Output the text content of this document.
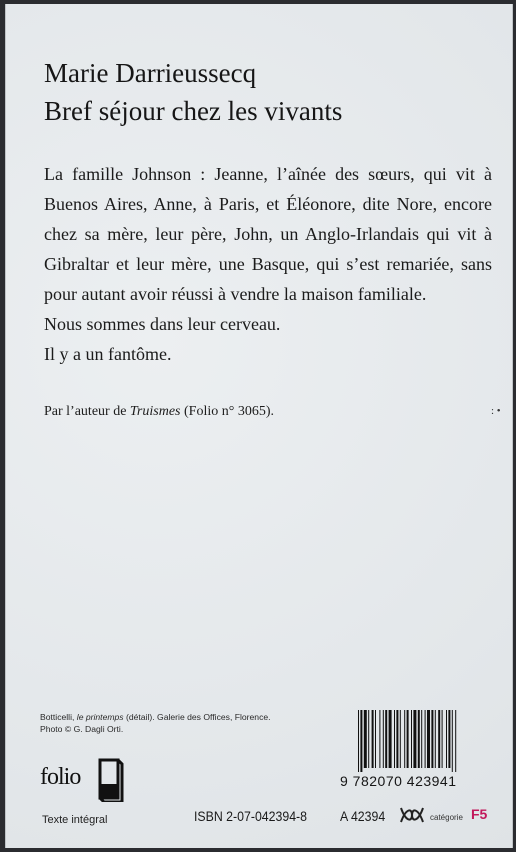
Marie Darrieussecq
Bref séjour chez les vivants

La famille Johnson : Jeanne, l’aînée des sœurs, qui vit à Buenos Aires, Anne, à Paris, et Éléonore, dite Nore, encore chez sa mère, leur père, John, un Anglo-Irlandais qui vit à Gibraltar et leur mère, une Basque, qui s’est remariée, sans pour autant avoir réussi à vendre la maison familiale.

Nous sommes dans leur cerveau.

Il y a un fantôme.

Par l’auteur de Truismes (Folio n° 3065).	: •
Botticelli, le printemps (détail). Galerie des Offices, Florence.
Photo © G. Dagli Orti.
folio
Texte intégral
9 782070 423941
ISBN 2-07-042394-8 A 42394	catégorie F5
